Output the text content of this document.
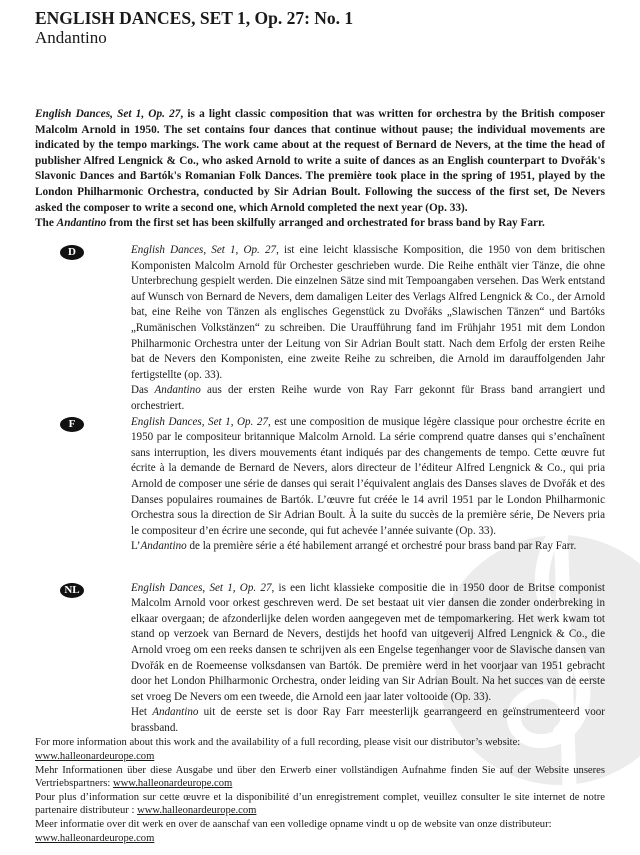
ENGLISH DANCES, SET 1, Op. 27: No. 1
Andantino

English Dances, Set 1, Op. 27, is a light classic composition that was written for orchestra by the British composer Malcolm Arnold in 1950. The set contains four dances that continue without pause; the individual movements are indicated by the tempo markings. The work came about at the request of Bernard de Nevers, at the time the head of publisher Alfred Lengnick & Co., who asked Arnold to write a suite of dances as an English counterpart to Dvořák's Slavonic Dances and Bartók's Romanian Folk Dances. The première took place in the spring of 1951, played by the London Philharmonic Orchestra, conducted by Sir Adrian Boult. Following the success of the first set, De Nevers asked the composer to write a second one, which Arnold completed the next year (Op. 33).

The Andantino from the first set has been skilfully arranged and orchestrated for brass band by Ray Farr.

D	English Dances, Set 1, Op. 27, ist eine leicht klassische Komposition, die 1950 von dem britischen Komponisten Malcolm Arnold für Orchester geschrieben wurde. Die Reihe enthält vier Tänze, die ohne Unterbrechung gespielt werden. Die einzelnen Sätze sind mit Tempoangaben versehen. Das Werk entstand auf Wunsch von Bernard de Nevers, dem damaligen Leiter des Verlags Alfred Lengnick & Co., der Arnold bat, eine Reihe von Tänzen als englisches Gegenstück zu Dvořáks „Slawischen Tänzen“ und Bartóks „Rumänischen Volkstänzen“ zu schreiben. Die Uraufführung fand im Frühjahr 1951 mit dem London Philharmonic Orchestra unter der Leitung von Sir Adrian Boult statt. Nach dem Erfolg der ersten Reihe bat de Nevers den Komponisten, eine zweite Reihe zu schreiben, die Arnold im darauffolgenden Jahr fertigstellte (op. 33).

Das Andantino aus der ersten Reihe wurde von Ray Farr gekonnt für Brass band arrangiert und orchestriert.

F	English Dances, Set 1, Op. 27, est une composition de musique légère classique pour orchestre écrite en 1950 par le compositeur britannique Malcolm Arnold. La série comprend quatre danses qui s’enchaînent sans interruption, les divers mouvements étant indiqués par des changements de tempo. Cette œuvre fut écrite à la demande de Bernard de Nevers, alors directeur de l’éditeur Alfred Lengnick & Co., qui pria Arnold de composer une série de danses qui serait l’équivalent anglais des Danses slaves de Dvořák et des Danses populaires roumaines de Bartók. L’œuvre fut créée le 14 avril 1951 par le London Philharmonic Orchestra sous la direction de Sir Adrian Boult. À la suite du succès de la première série, De Nevers pria le compositeur d’en écrire une seconde, qui fut achevée l’année suivante (Op. 33).

L’Andantino de la première série a été habilement arrangé et orchestré pour brass band par Ray Farr.

NL	English Dances, Set 1, Op. 27, is een licht klassieke compositie die in 1950 door de Britse componist Malcolm Arnold voor orkest geschreven werd. De set bestaat uit vier dansen die zonder onderbreking in elkaar overgaan; de afzonderlijke delen worden aangegeven met de tempomarkering. Het werk kwam tot stand op verzoek van Bernard de Nevers, destijds het hoofd van uitgeverij Alfred Lengnick & Co., die Arnold vroeg om een reeks dansen te schrijven als een Engelse tegenhanger voor de Slavische dansen van Dvořák en de Roemeense volksdansen van Bartók. De première werd in het voorjaar van 1951 gebracht door het London Philharmonic Orchestra, onder leiding van Sir Adrian Boult. Na het succes van de eerste set vroeg De Nevers om een tweede, die Arnold een jaar later voltooide (Op. 33).

Het Andantino uit de eerste set is door Ray Farr meesterlijk gearrangeerd en geïnstrumenteerd voor brassband.

For more information about this work and the availability of a full recording, please visit our distributor’s website:

www.halleonardeurope.com

Mehr Informationen über diese Ausgabe und über den Erwerb einer vollständigen Aufnahme finden Sie auf der Website unseres Vertriebspartners: www.halleonardeurope.com

Pour plus d’information sur cette œuvre et la disponibilité d’un enregistrement complet, veuillez consulter le site internet de notre partenaire distributeur : www.halleonardeurope.com

Meer informatie over dit werk en over de aanschaf van een volledige opname vindt u op de website van onze distributeur:

www.halleonardeurope.com
